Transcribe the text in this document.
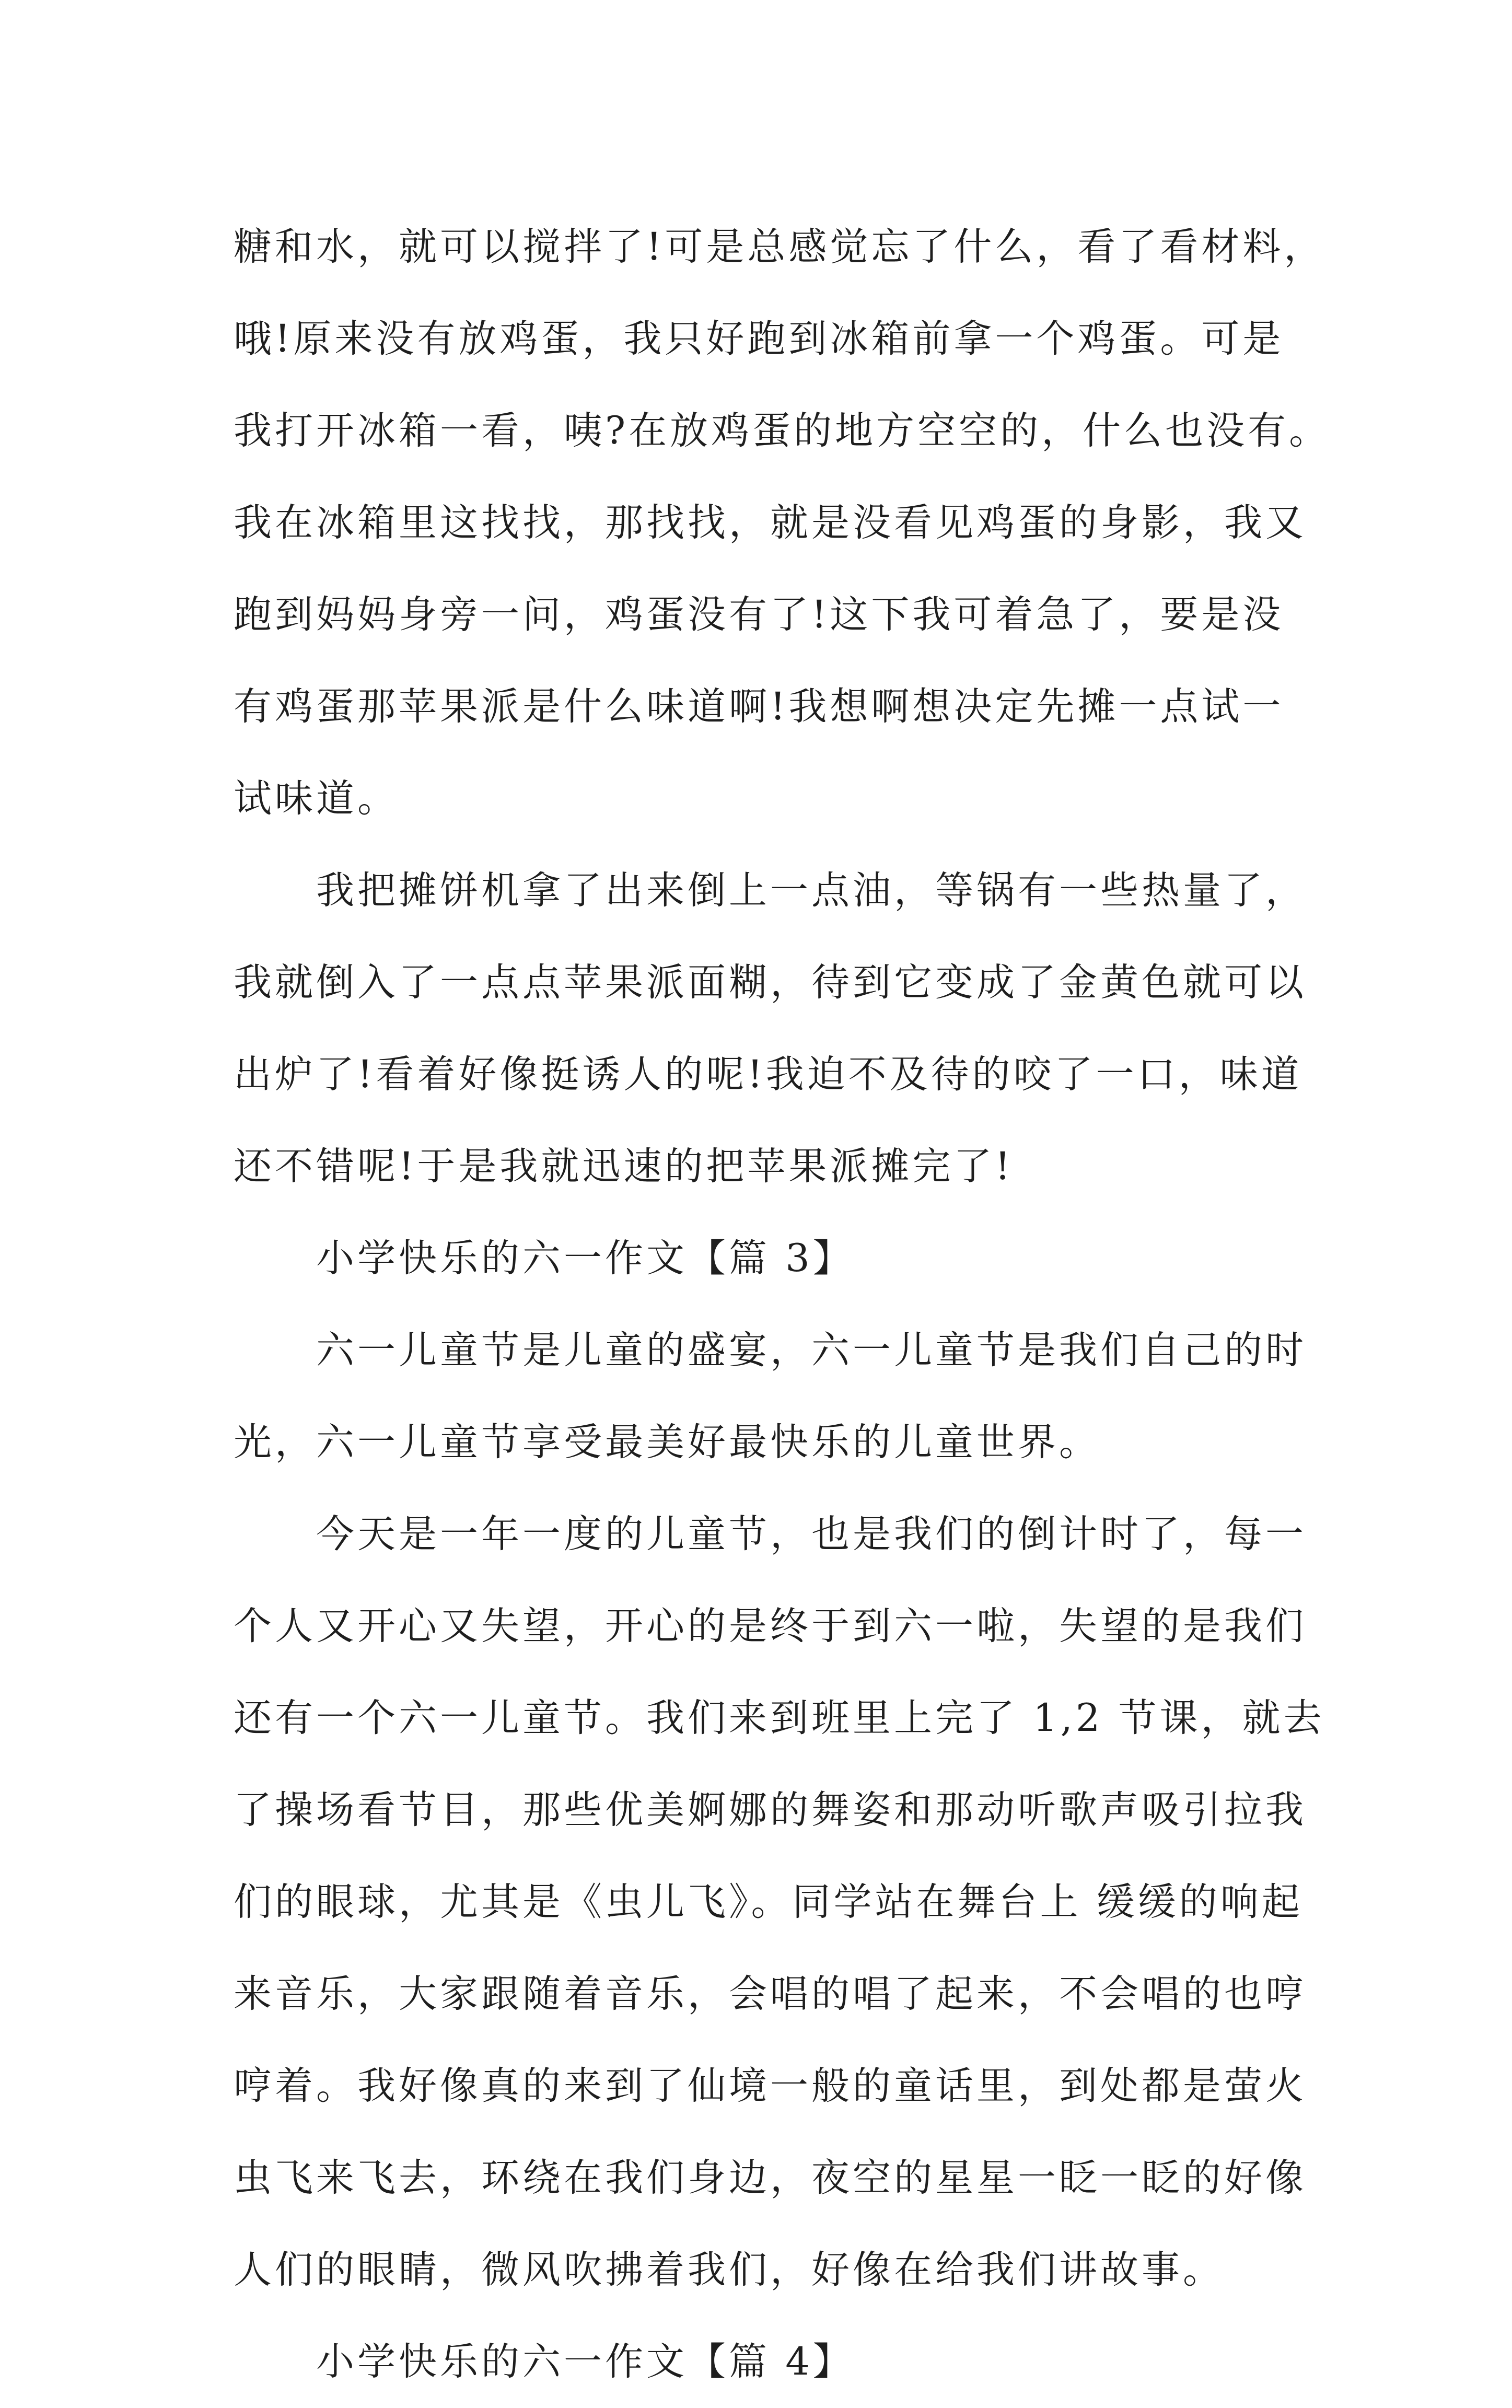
糖和水，就可以搅拌了!可是总感觉忘了什么，看了看材料，
哦!原来没有放鸡蛋，我只好跑到冰箱前拿一个鸡蛋。可是
我打开冰箱一看，咦?在放鸡蛋的地方空空的，什么也没有。
我在冰箱里这找找，那找找，就是没看见鸡蛋的身影，我又
跑到妈妈身旁一问，鸡蛋没有了!这下我可着急了，要是没
有鸡蛋那苹果派是什么味道啊!我想啊想决定先摊一点试一
试味道。
我把摊饼机拿了出来倒上一点油，等锅有一些热量了，
我就倒入了一点点苹果派面糊，待到它变成了金黄色就可以
出炉了!看着好像挺诱人的呢!我迫不及待的咬了一口，味道
还不错呢!于是我就迅速的把苹果派摊完了!
小学快乐的六一作文【篇 3】
六一儿童节是儿童的盛宴，六一儿童节是我们自己的时
光，六一儿童节享受最美好最快乐的儿童世界。
今天是一年一度的儿童节，也是我们的倒计时了，每一
个人又开心又失望，开心的是终于到六一啦，失望的是我们
还有一个六一儿童节。我们来到班里上完了 1,2 节课，就去
了操场看节目，那些优美婀娜的舞姿和那动听歌声吸引拉我
们的眼球，尤其是《虫儿飞》。同学站在舞台上 缓缓的响起
来音乐，大家跟随着音乐，会唱的唱了起来，不会唱的也哼
哼着。我好像真的来到了仙境一般的童话里，到处都是萤火
虫飞来飞去，环绕在我们身边，夜空的星星一眨一眨的好像
人们的眼睛，微风吹拂着我们，好像在给我们讲故事。
小学快乐的六一作文【篇 4】
